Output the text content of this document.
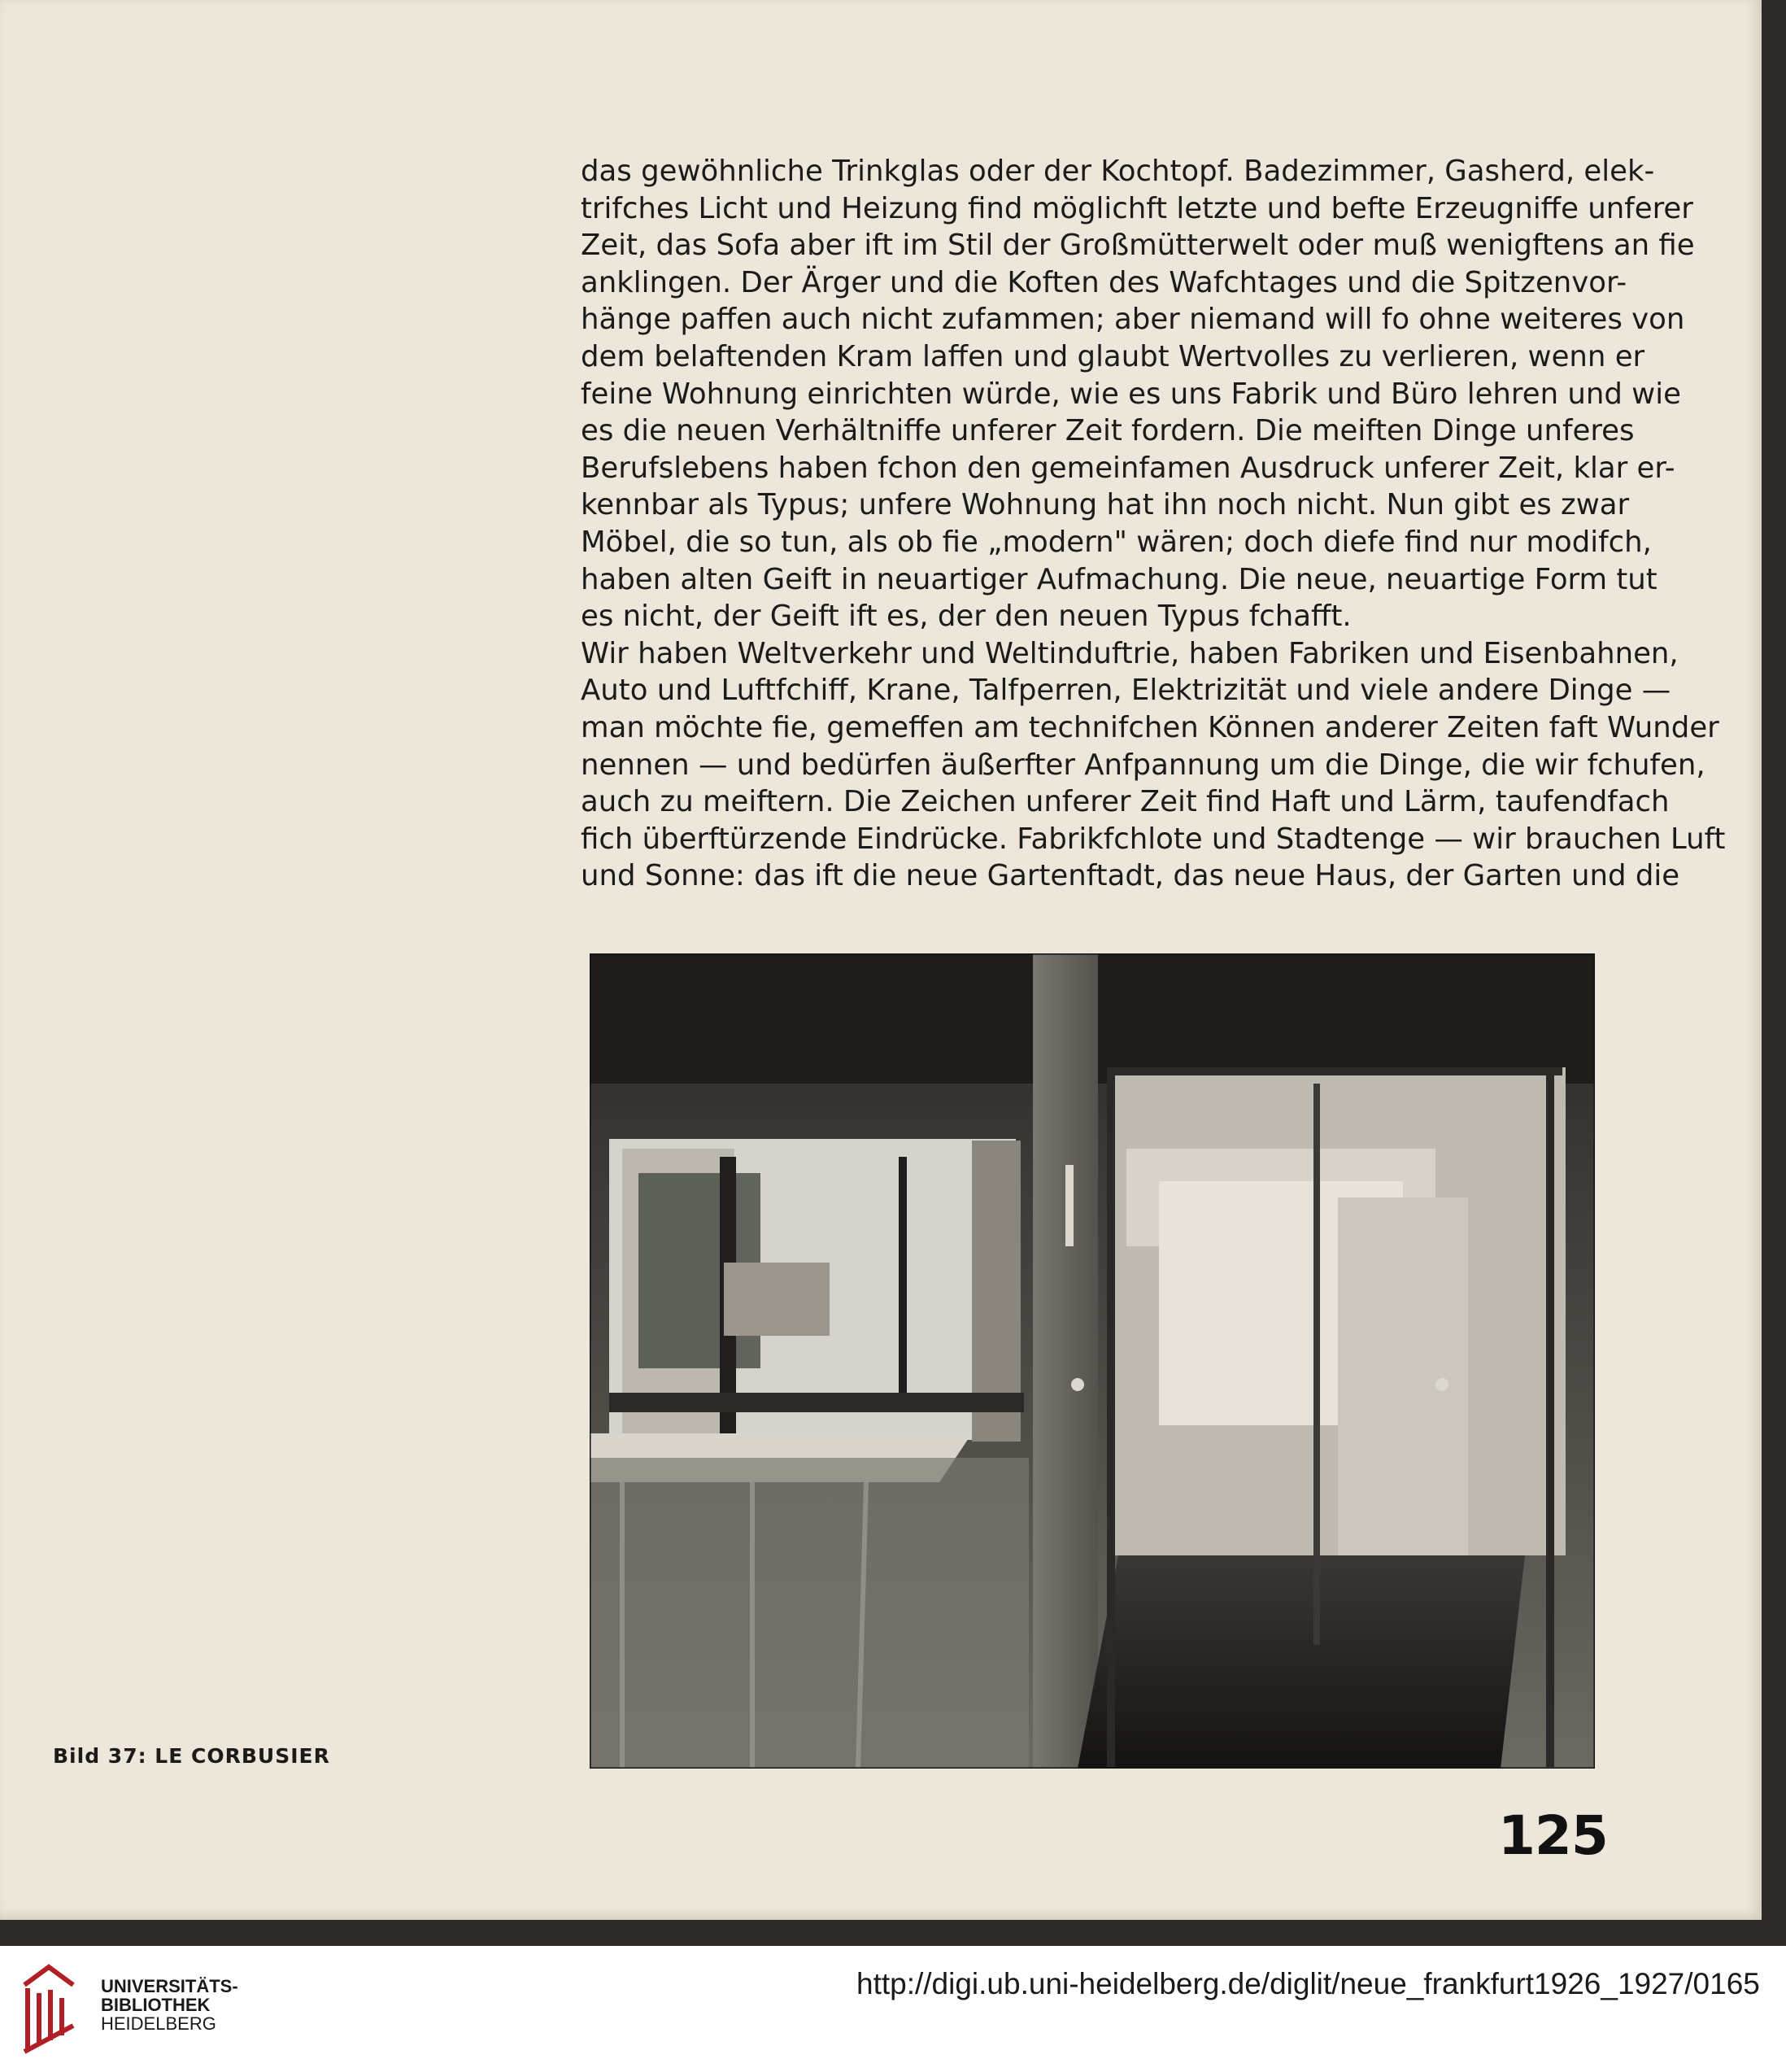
das gewöhnliche Trinkglas oder der Kochtopf. Badezimmer, Gasherd, elek-
trifches Licht und Heizung find möglichft letzte und befte Erzeugniffe unferer
Zeit, das Sofa aber ift im Stil der Großmütterwelt oder muß wenigftens an fie
anklingen. Der Ärger und die Koften des Wafchtages und die Spitzenvor-
hänge paffen auch nicht zufammen; aber niemand will fo ohne weiteres von
dem belaftenden Kram laffen und glaubt Wertvolles zu verlieren, wenn er
feine Wohnung einrichten würde, wie es uns Fabrik und Büro lehren und wie
es die neuen Verhältniffe unferer Zeit fordern. Die meiften Dinge unferes
Berufslebens haben fchon den gemeinfamen Ausdruck unferer Zeit, klar er-
kennbar als Typus; unfere Wohnung hat ihn noch nicht. Nun gibt es zwar
Möbel, die so tun, als ob fie „modern" wären; doch diefe find nur modifch,
haben alten Geift in neuartiger Aufmachung. Die neue, neuartige Form tut
es nicht, der Geift ift es, der den neuen Typus fchafft.
Wir haben Weltverkehr und Weltinduftrie, haben Fabriken und Eisenbahnen,
Auto und Luftfchiff, Krane, Talfperren, Elektrizität und viele andere Dinge —
man möchte fie, gemeffen am technifchen Können anderer Zeiten faft Wunder
nennen — und bedürfen äußerfter Anfpannung um die Dinge, die wir fchufen,
auch zu meiftern. Die Zeichen unferer Zeit find Haft und Lärm, taufendfach
fich überftürzende Eindrücke. Fabrikfchlote und Stadtenge — wir brauchen Luft
und Sonne: das ift die neue Gartenftadt, das neue Haus, der Garten und die
Bild 37: LE CORBUSIER
125
UNIVERSITÄTS-
BIBLIOTHEK
HEIDELBERG
http://digi.ub.uni-heidelberg.de/diglit/neue_frankfurt1926_1927/0165
